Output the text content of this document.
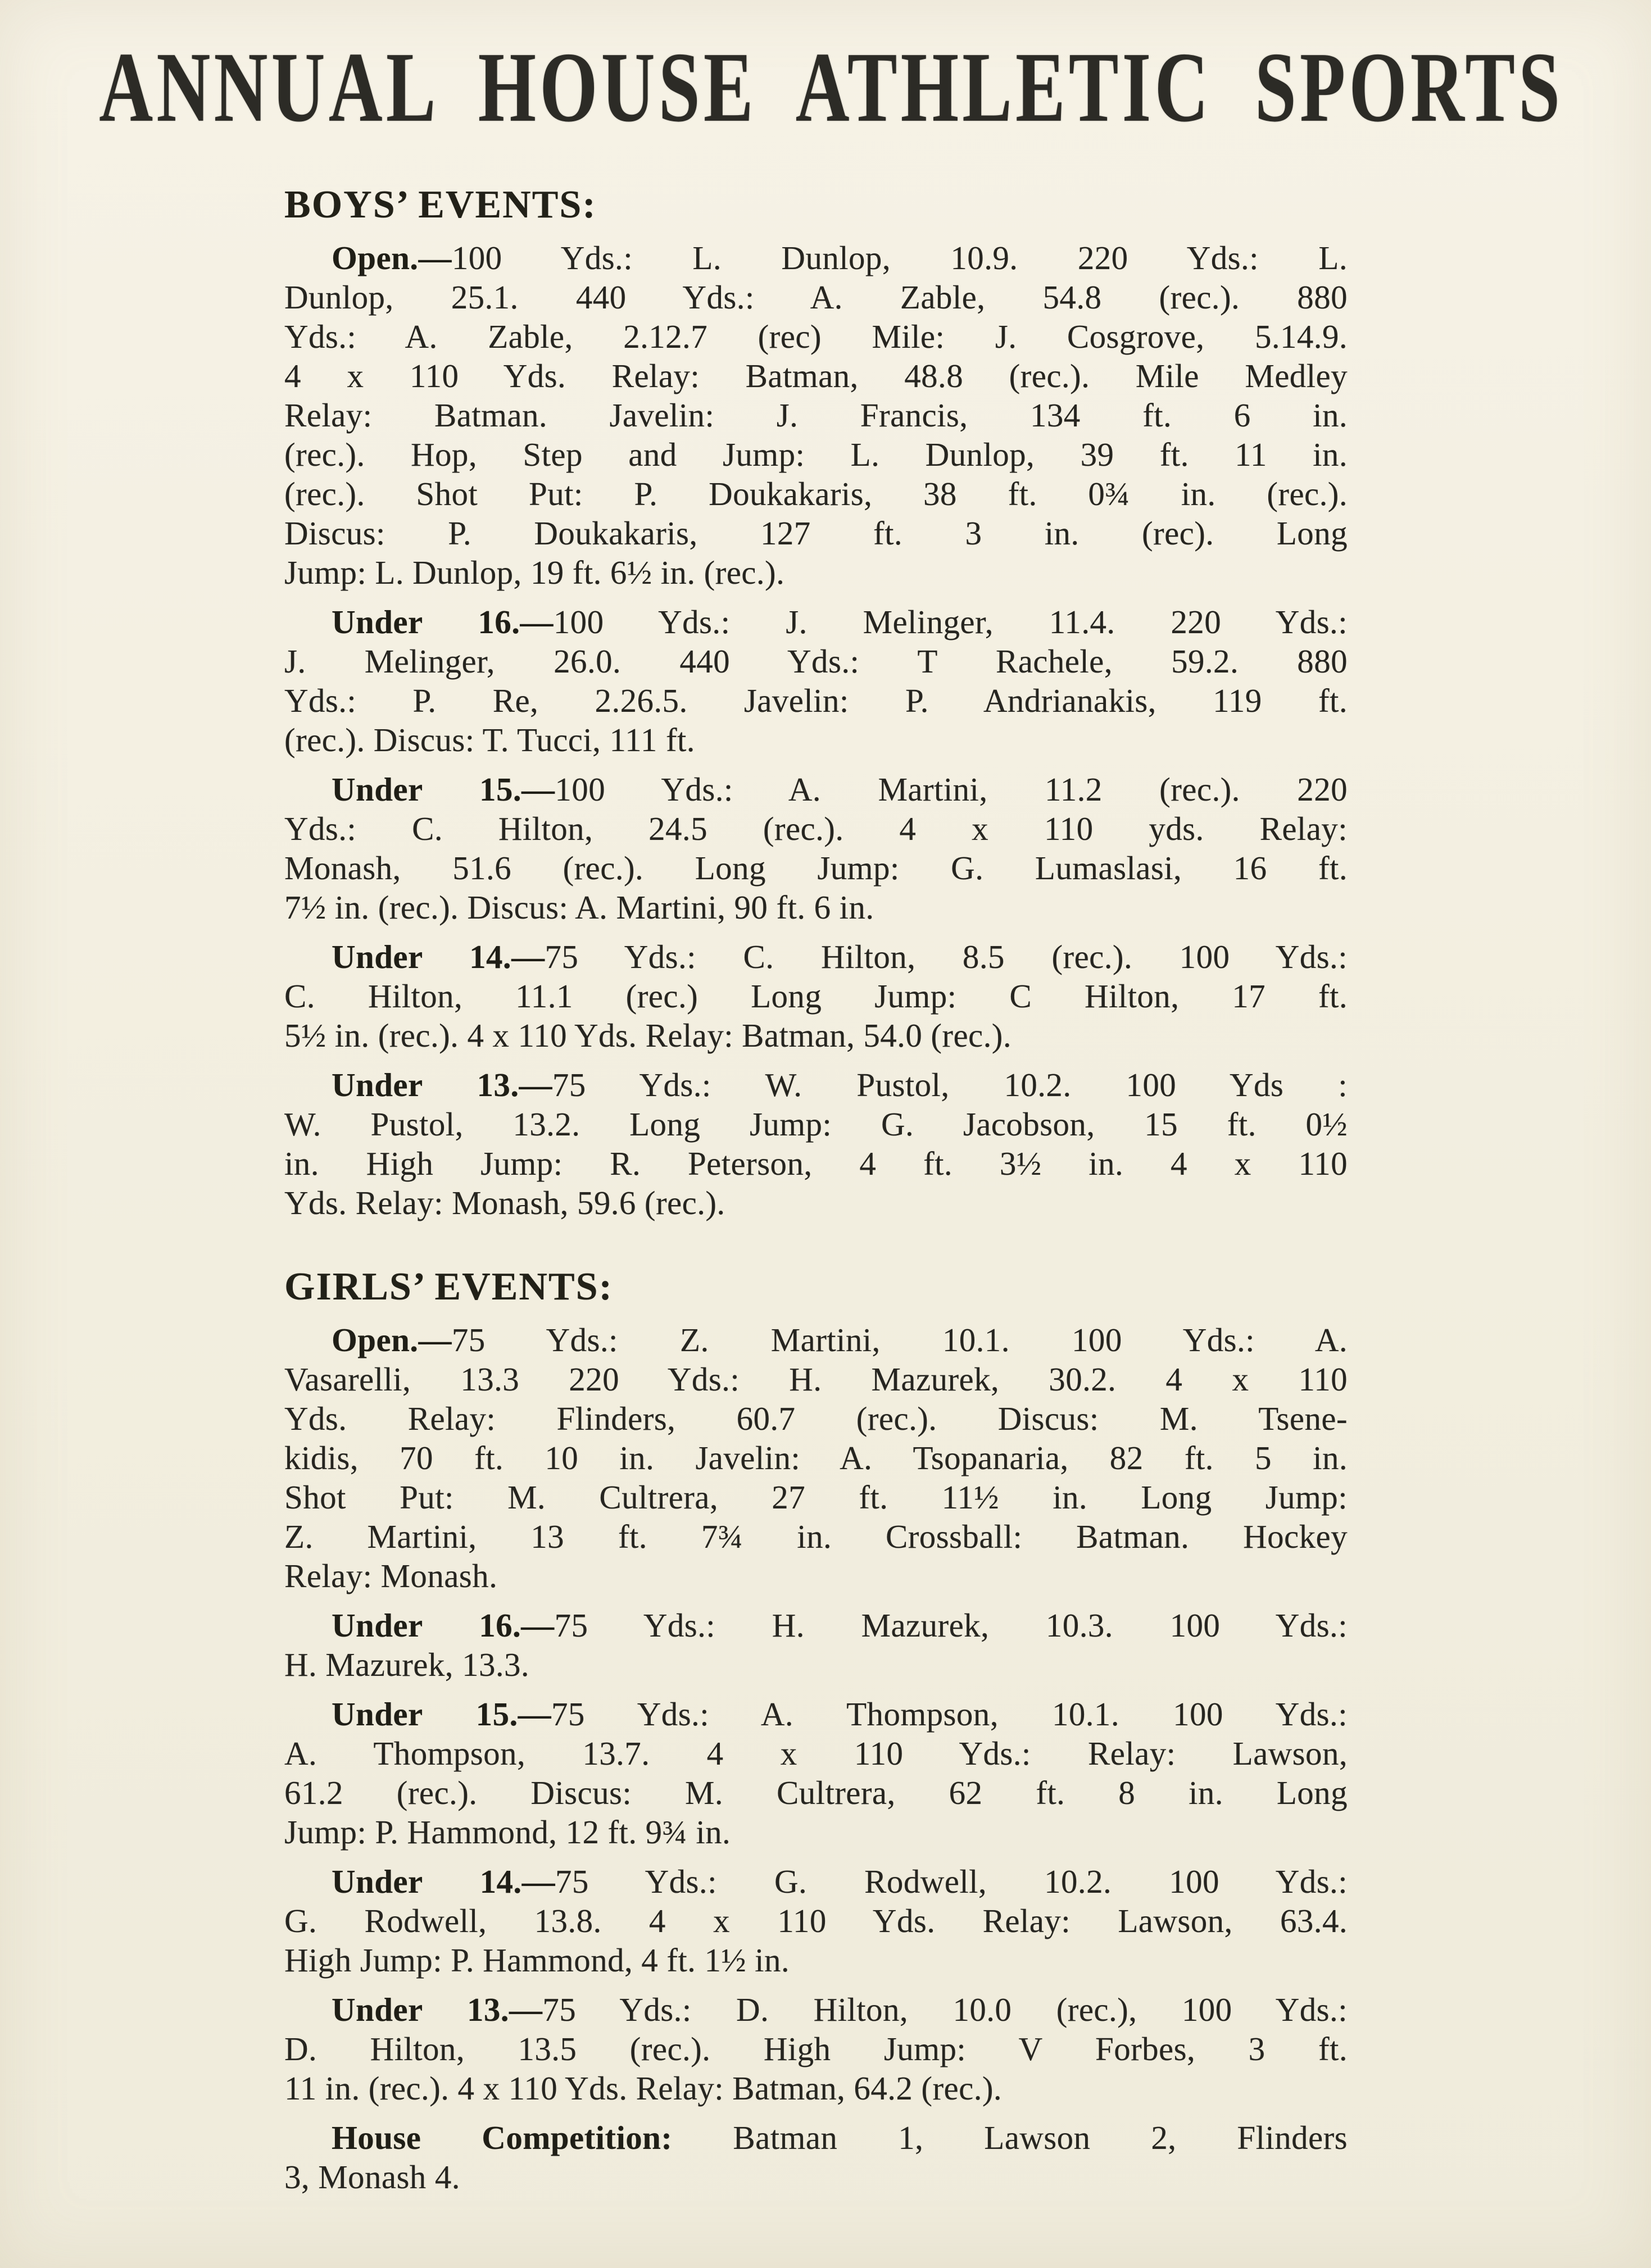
ANNUAL HOUSE ATHLETIC SPORTS
BOYS’ EVENTS:
Open.—100 Yds.: L. Dunlop, 10.9. 220 Yds.: L.
Dunlop, 25.1. 440 Yds.: A. Zable, 54.8 (rec.). 880
Yds.: A. Zable, 2.12.7 (rec) Mile: J. Cosgrove, 5.14.9.
4 x 110 Yds. Relay: Batman, 48.8 (rec.). Mile Medley
Relay: Batman. Javelin: J. Francis, 134 ft. 6 in.
(rec.). Hop, Step and Jump: L. Dunlop, 39 ft. 11 in.
(rec.). Shot Put: P. Doukakaris, 38 ft. 0¾ in. (rec.).
Discus: P. Doukakaris, 127 ft. 3 in. (rec). Long
Jump: L. Dunlop, 19 ft. 6½ in. (rec.).
Under 16.—100 Yds.: J. Melinger, 11.4. 220 Yds.:
J. Melinger, 26.0. 440 Yds.: T Rachele, 59.2. 880
Yds.: P. Re, 2.26.5. Javelin: P. Andrianakis, 119 ft.
(rec.). Discus: T. Tucci, 111 ft.
Under 15.—100 Yds.: A. Martini, 11.2 (rec.). 220
Yds.: C. Hilton, 24.5 (rec.). 4 x 110 yds. Relay:
Monash, 51.6 (rec.). Long Jump: G. Lumaslasi, 16 ft.
7½ in. (rec.). Discus: A. Martini, 90 ft. 6 in.
Under 14.—75 Yds.: C. Hilton, 8.5 (rec.). 100 Yds.:
C. Hilton, 11.1 (rec.) Long Jump: C Hilton, 17 ft.
5½ in. (rec.). 4 x 110 Yds. Relay: Batman, 54.0 (rec.).
Under 13.—75 Yds.: W. Pustol, 10.2. 100 Yds :
W. Pustol, 13.2. Long Jump: G. Jacobson, 15 ft. 0½
in. High Jump: R. Peterson, 4 ft. 3½ in. 4 x 110
Yds. Relay: Monash, 59.6 (rec.).
GIRLS’ EVENTS:
Open.—75 Yds.: Z. Martini, 10.1. 100 Yds.: A.
Vasarelli, 13.3 220 Yds.: H. Mazurek, 30.2. 4 x 110
Yds. Relay: Flinders, 60.7 (rec.). Discus: M. Tsene-
kidis, 70 ft. 10 in. Javelin: A. Tsopanaria, 82 ft. 5 in.
Shot Put: M. Cultrera, 27 ft. 11½ in. Long Jump:
Z. Martini, 13 ft. 7¾ in. Crossball: Batman. Hockey
Relay: Monash.
Under 16.—75 Yds.: H. Mazurek, 10.3. 100 Yds.:
H. Mazurek, 13.3.
Under 15.—75 Yds.: A. Thompson, 10.1. 100 Yds.:
A. Thompson, 13.7. 4 x 110 Yds.: Relay: Lawson,
61.2 (rec.). Discus: M. Cultrera, 62 ft. 8 in. Long
Jump: P. Hammond, 12 ft. 9¾ in.
Under 14.—75 Yds.: G. Rodwell, 10.2. 100 Yds.:
G. Rodwell, 13.8. 4 x 110 Yds. Relay: Lawson, 63.4.
High Jump: P. Hammond, 4 ft. 1½ in.
Under 13.—75 Yds.: D. Hilton, 10.0 (rec.), 100 Yds.:
D. Hilton, 13.5 (rec.). High Jump: V Forbes, 3 ft.
11 in. (rec.). 4 x 110 Yds. Relay: Batman, 64.2 (rec.).
House Competition: Batman 1, Lawson 2, Flinders
3, Monash 4.
